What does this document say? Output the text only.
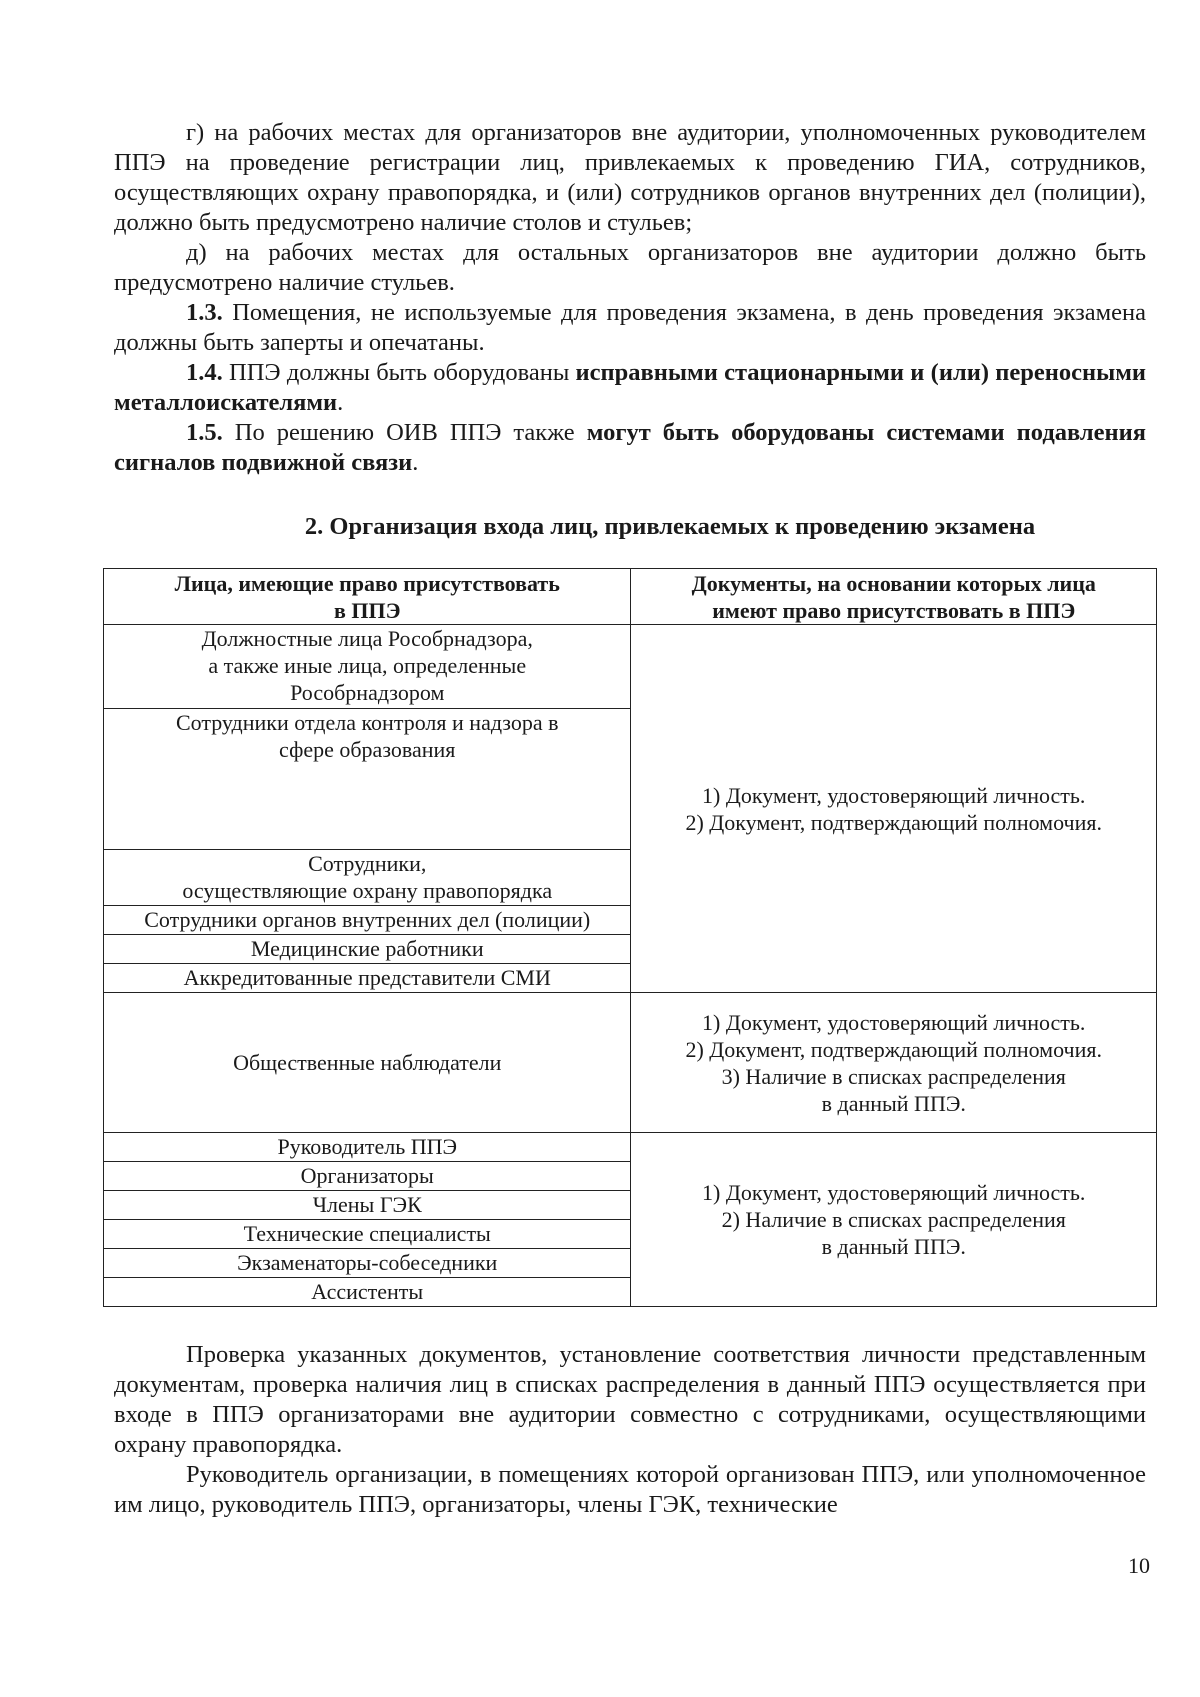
г) на рабочих местах для организаторов вне аудитории, уполномоченных руководителем ППЭ на проведение регистрации лиц, привлекаемых к проведению ГИА, сотрудников, осуществляющих охрану правопорядка, и (или) сотрудников органов внутренних дел (полиции), должно быть предусмотрено наличие столов и стульев;
д) на рабочих местах для остальных организаторов вне аудитории должно быть предусмотрено наличие стульев.
1.3. Помещения, не используемые для проведения экзамена, в день проведения экзамена должны быть заперты и опечатаны.
1.4. ППЭ должны быть оборудованы исправными стационарными и (или) переносными металлоискателями.
1.5. По решению ОИВ ППЭ также могут быть оборудованы системами подавления сигналов подвижной связи.
2. Организация входа лиц, привлекаемых к проведению экзамена
Лица, имеющие право присутствовать
в ППЭ	Документы, на основании которых лица
имеют право присутствовать в ППЭ

Должностные лица Рособрнадзора,
а также иные лица, определенные
Рособрнадзором	1) Документ, удостоверяющий личность.
2) Документ, подтверждающий полномочия.

Сотрудники отдела контроля и надзора в
сфере образования	

Сотрудники,
осуществляющие охрану правопорядка	

Сотрудники органов внутренних дел (полиции)	
Медицинские работники	
Аккредитованные представители СМИ	
Общественные наблюдатели	1) Документ, удостоверяющий личность.
2) Документ, подтверждающий полномочия.
3) Наличие в списках распределения
в данный ППЭ.

Руководитель ППЭ	1) Документ, удостоверяющий личность.
2) Наличие в списках распределения
в данный ППЭ.

Организаторы	
Члены ГЭК	
Технические специалисты	
Экзаменаторы-собеседники	
Ассистенты	
Проверка указанных документов, установление соответствия личности представленным документам, проверка наличия лиц в списках распределения в данный ППЭ осуществляется при входе в ППЭ организаторами вне аудитории совместно с сотрудниками, осуществляющими охрану правопорядка.
Руководитель организации, в помещениях которой организован ППЭ, или уполномоченное им лицо, руководитель ППЭ, организаторы, члены ГЭК, технические
10
